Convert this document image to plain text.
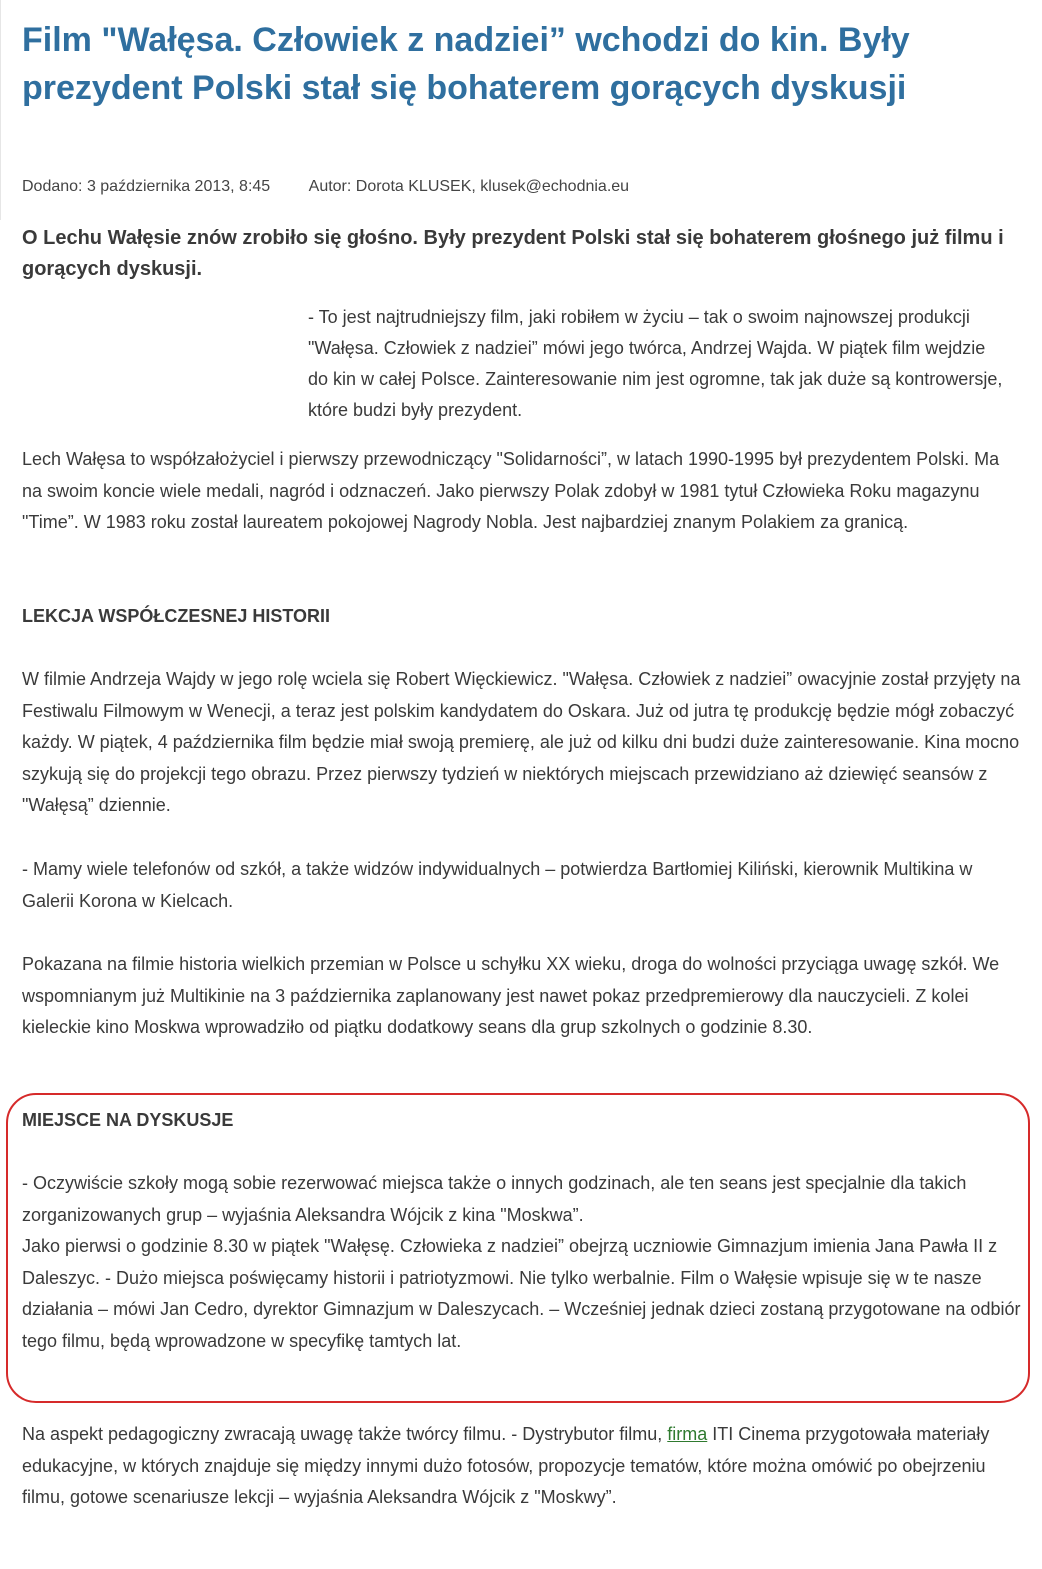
Film "Wałęsa. Człowiek z nadziei” wchodzi do kin. Były prezydent Polski stał się bohaterem gorących dyskusji
Dodano: 3 października 2013, 8:45 Autor: Dorota KLUSEK, klusek@echodnia.eu

O Lechu Wałęsie znów zrobiło się głośno. Były prezydent Polski stał się bohaterem głośnego już filmu i gorących dyskusji.

- To jest najtrudniejszy film, jaki robiłem w życiu – tak o swoim najnowszej produkcji "Wałęsa. Człowiek z nadziei” mówi jego twórca, Andrzej Wajda. W piątek film wejdzie do kin w całej Polsce. Zainteresowanie nim jest ogromne, tak jak duże są kontrowersje, które budzi były prezydent.

Lech Wałęsa to współzałożyciel i pierwszy przewodniczący "Solidarności”, w latach 1990-1995 był prezydentem Polski. Ma na swoim koncie wiele medali, nagród i odznaczeń. Jako pierwszy Polak zdobył w 1981 tytuł Człowieka Roku magazynu "Time”. W 1983 roku został laureatem pokojowej Nagrody Nobla. Jest najbardziej znanym Polakiem za granicą.

LEKCJA WSPÓŁCZESNEJ HISTORII

W filmie Andrzeja Wajdy w jego rolę wciela się Robert Więckiewicz. "Wałęsa. Człowiek z nadziei” owacyjnie został przyjęty na Festiwalu Filmowym w Wenecji, a teraz jest polskim kandydatem do Oskara. Już od jutra tę produkcję będzie mógł zobaczyć każdy. W piątek, 4 października film będzie miał swoją premierę, ale już od kilku dni budzi duże zainteresowanie. Kina mocno szykują się do projekcji tego obrazu. Przez pierwszy tydzień w niektórych miejscach przewidziano aż dziewięć seansów z "Wałęsą” dziennie.

- Mamy wiele telefonów od szkół, a także widzów indywidualnych – potwierdza Bartłomiej Kiliński, kierownik Multikina w Galerii Korona w Kielcach.

Pokazana na filmie historia wielkich przemian w Polsce u schyłku XX wieku, droga do wolności przyciąga uwagę szkół. We wspomnianym już Multikinie na 3 października zaplanowany jest nawet pokaz przedpremierowy dla nauczycieli. Z kolei kieleckie kino Moskwa wprowadziło od piątku dodatkowy seans dla grup szkolnych o godzinie 8.30.

MIEJSCE NA DYSKUSJE
- Oczywiście szkoły mogą sobie rezerwować miejsca także o innych godzinach, ale ten seans jest specjalnie dla takich zorganizowanych grup – wyjaśnia Aleksandra Wójcik z kina "Moskwa”.
Jako pierwsi o godzinie 8.30 w piątek "Wałęsę. Człowieka z nadziei” obejrzą uczniowie Gimnazjum imienia Jana Pawła II z Daleszyc. - Dużo miejsca poświęcamy historii i patriotyzmowi. Nie tylko werbalnie. Film o Wałęsie wpisuje się w te nasze działania – mówi Jan Cedro, dyrektor Gimnazjum w Daleszycach. – Wcześniej jednak dzieci zostaną przygotowane na odbiór tego filmu, będą wprowadzone w specyfikę tamtych lat.

Na aspekt pedagogiczny zwracają uwagę także twórcy filmu. - Dystrybutor filmu, firma ITI Cinema przygotowała materiały edukacyjne, w których znajduje się między innymi dużo fotosów, propozycje tematów, które można omówić po obejrzeniu filmu, gotowe scenariusze lekcji – wyjaśnia Aleksandra Wójcik z "Moskwy”.
